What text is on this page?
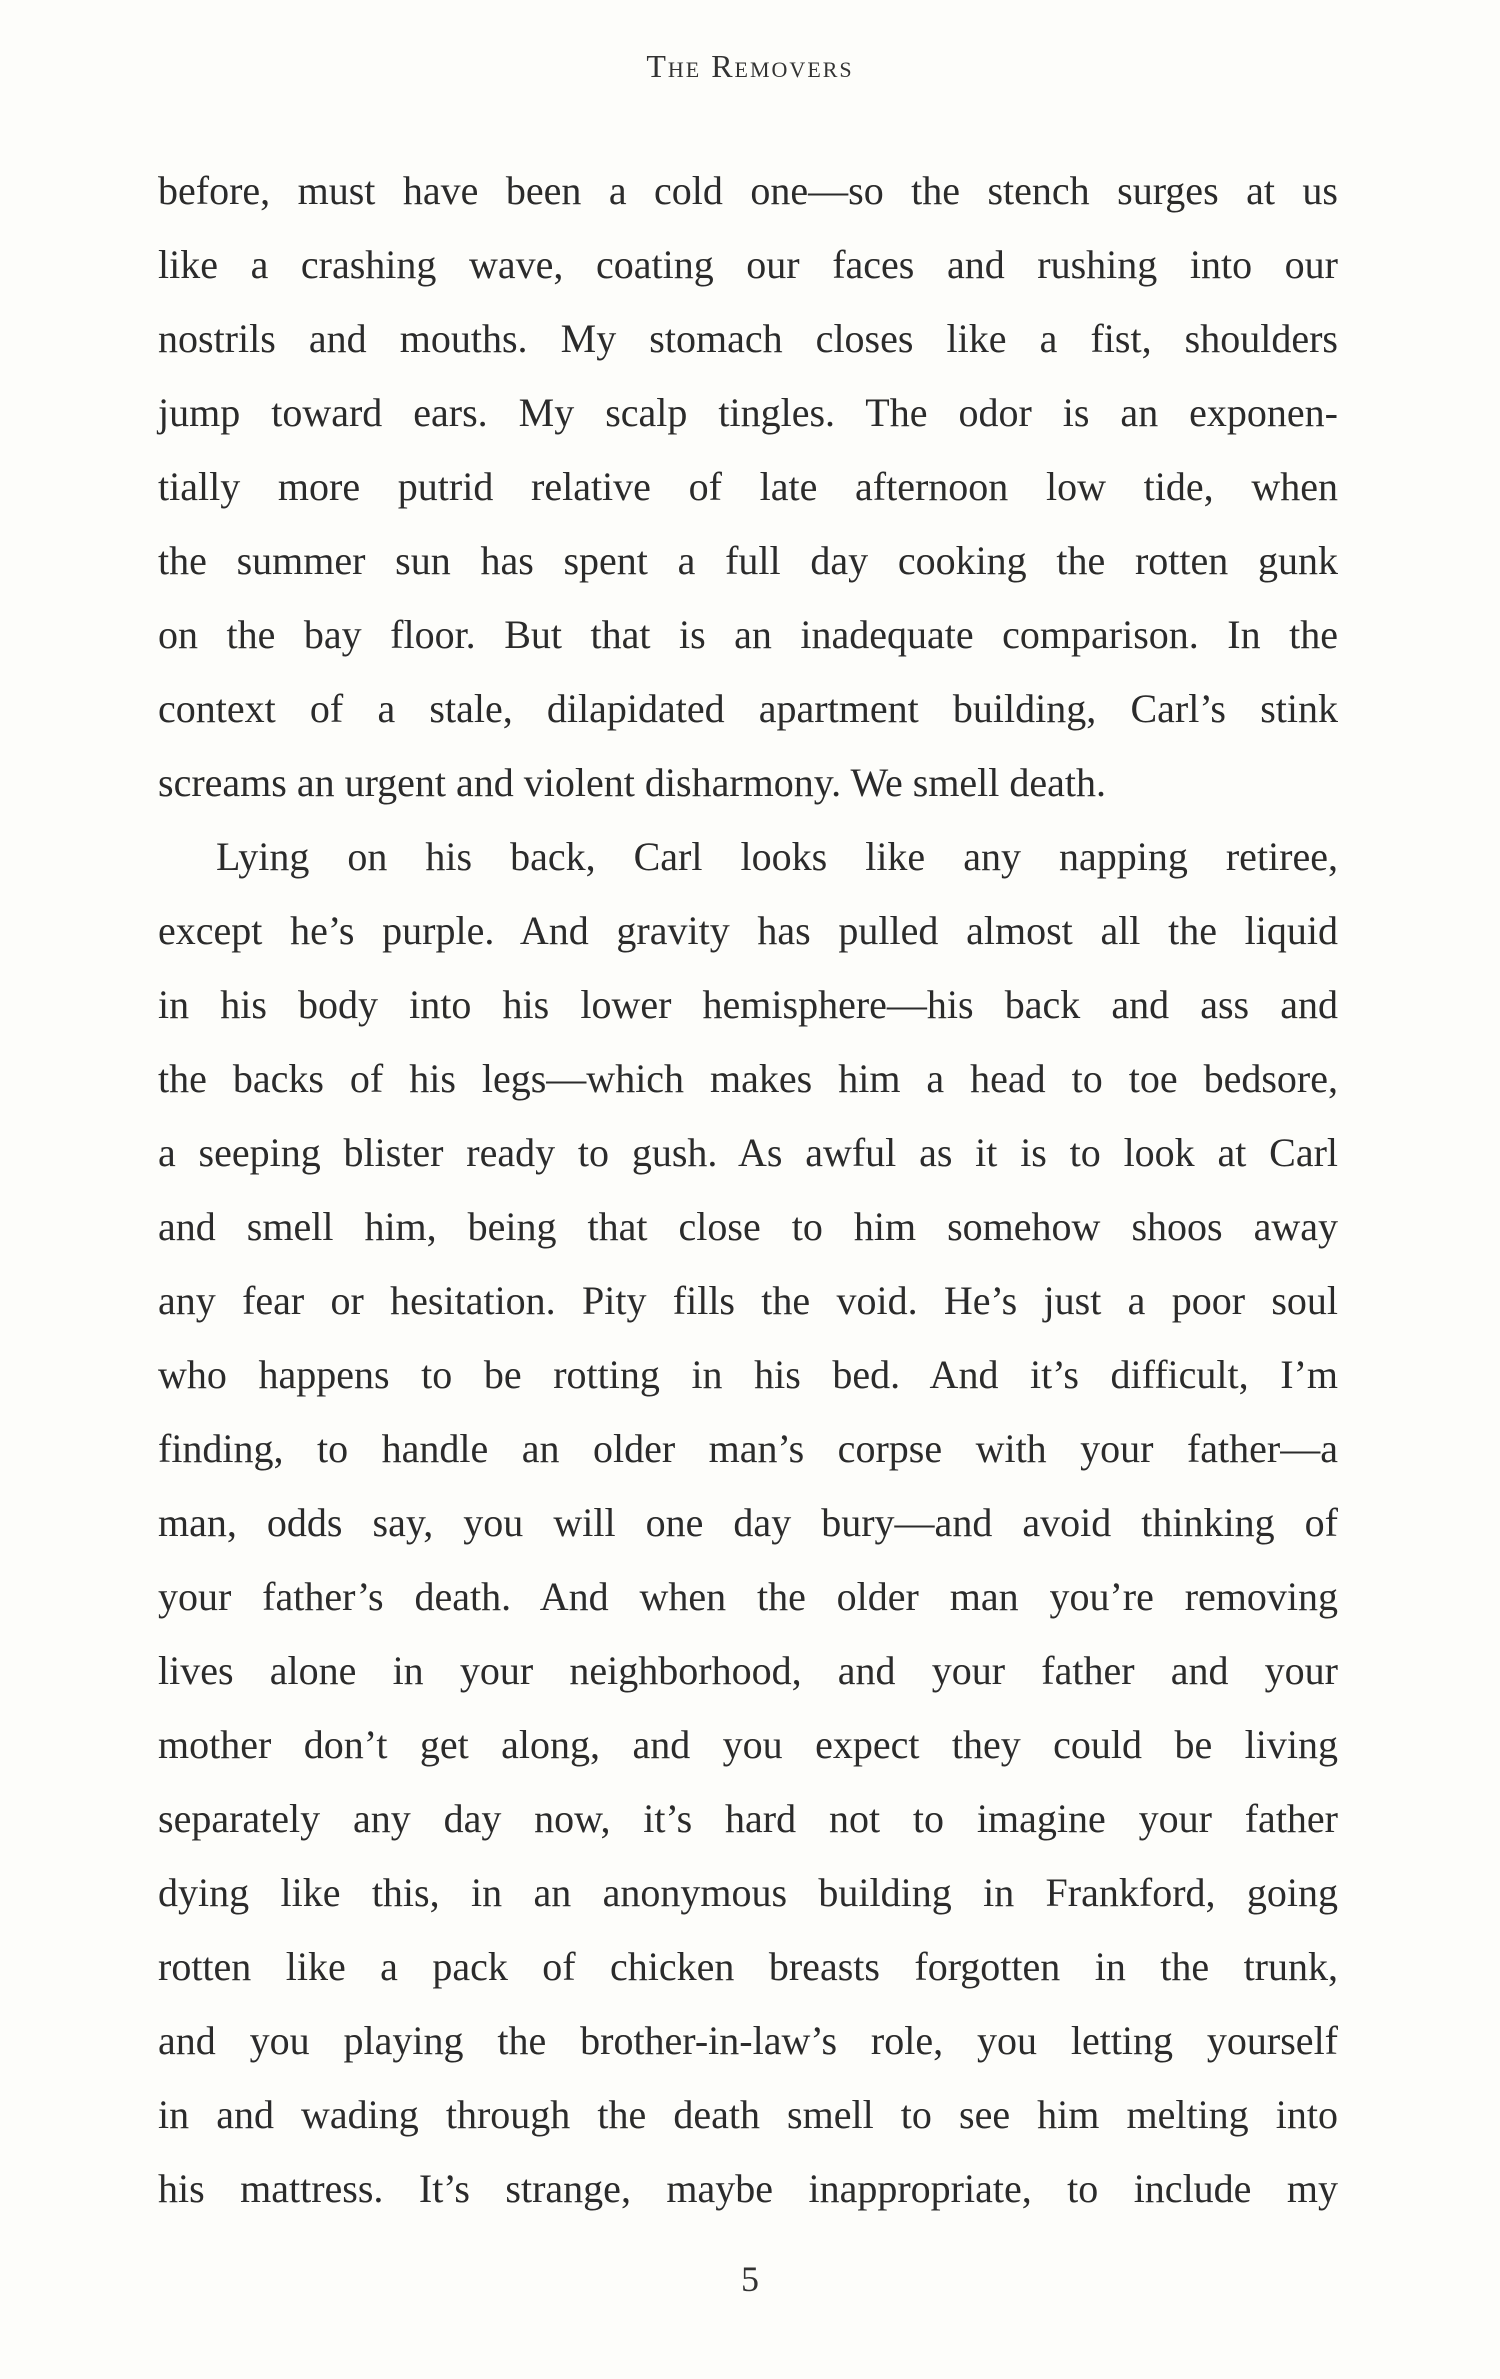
The Removers
before, must have been a cold one—so the stench surges at us
like a crashing wave, coating our faces and rushing into our
nostrils and mouths. My stomach closes like a fist, shoulders
jump toward ears. My scalp tingles. The odor is an exponen-
tially more putrid relative of late afternoon low tide, when
the summer sun has spent a full day cooking the rotten gunk
on the bay floor. But that is an inadequate comparison. In the
context of a stale, dilapidated apartment building, Carl’s stink
screams an urgent and violent disharmony. We smell death.
Lying on his back, Carl looks like any napping retiree,
except he’s purple. And gravity has pulled almost all the liquid
in his body into his lower hemisphere—his back and ass and
the backs of his legs—which makes him a head to toe bedsore,
a seeping blister ready to gush. As awful as it is to look at Carl
and smell him, being that close to him somehow shoos away
any fear or hesitation. Pity fills the void. He’s just a poor soul
who happens to be rotting in his bed. And it’s difficult, I’m
finding, to handle an older man’s corpse with your father—a
man, odds say, you will one day bury—and avoid thinking of
your father’s death. And when the older man you’re removing
lives alone in your neighborhood, and your father and your
mother don’t get along, and you expect they could be living
separately any day now, it’s hard not to imagine your father
dying like this, in an anonymous building in Frankford, going
rotten like a pack of chicken breasts forgotten in the trunk,
and you playing the brother-in-law’s role, you letting yourself
in and wading through the death smell to see him melting into
his mattress. It’s strange, maybe inappropriate, to include my
5
